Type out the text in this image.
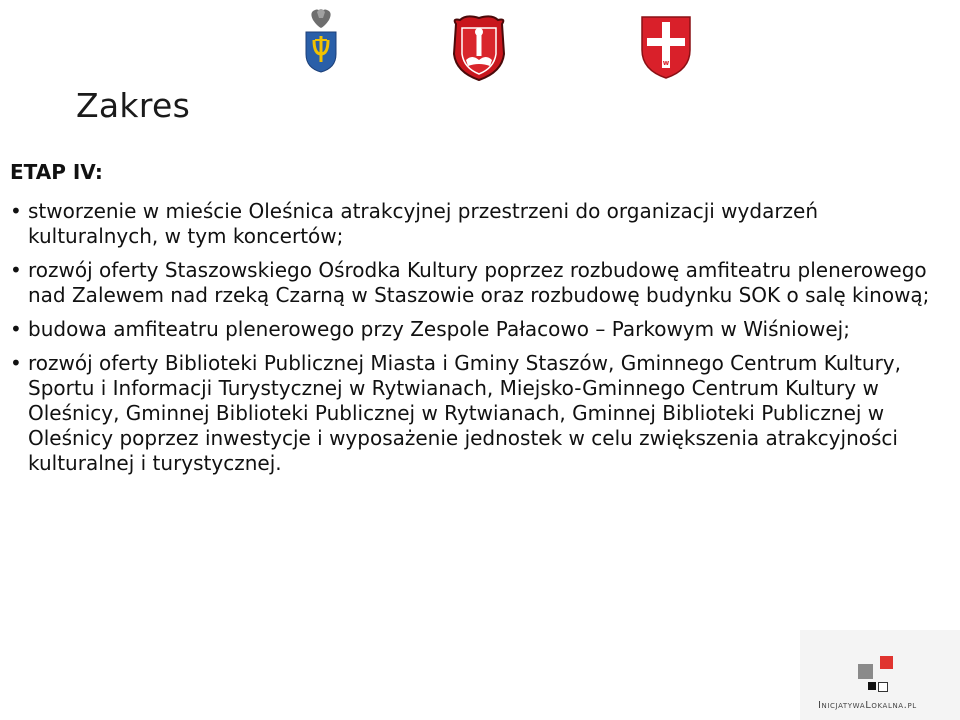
w
Zakres
ETAP IV:
• stworzenie w mieście Oleśnica atrakcyjnej przestrzeni do organizacji wydarzeń kulturalnych, w tym koncertów;
• rozwój oferty Staszowskiego Ośrodka Kultury poprzez rozbudowę amfiteatru plenerowego nad Zalewem nad rzeką Czarną w Staszowie oraz rozbudowę budynku SOK o salę kinową;
• budowa amfiteatru plenerowego przy Zespole Pałacowo – Parkowym w Wiśniowej;
• rozwój oferty Biblioteki Publicznej Miasta i Gminy Staszów, Gminnego Centrum Kultury, Sportu i Informacji Turystycznej w Rytwianach, Miejsko-Gminnego Centrum Kultury w Oleśnicy, Gminnej Biblioteki Publicznej w Rytwianach, Gminnej Biblioteki Publicznej w Oleśnicy poprzez inwestycje i wyposażenie jednostek w celu zwiększenia atrakcyjności kulturalnej i turystycznej.
InicjatywaLokalna.pl
